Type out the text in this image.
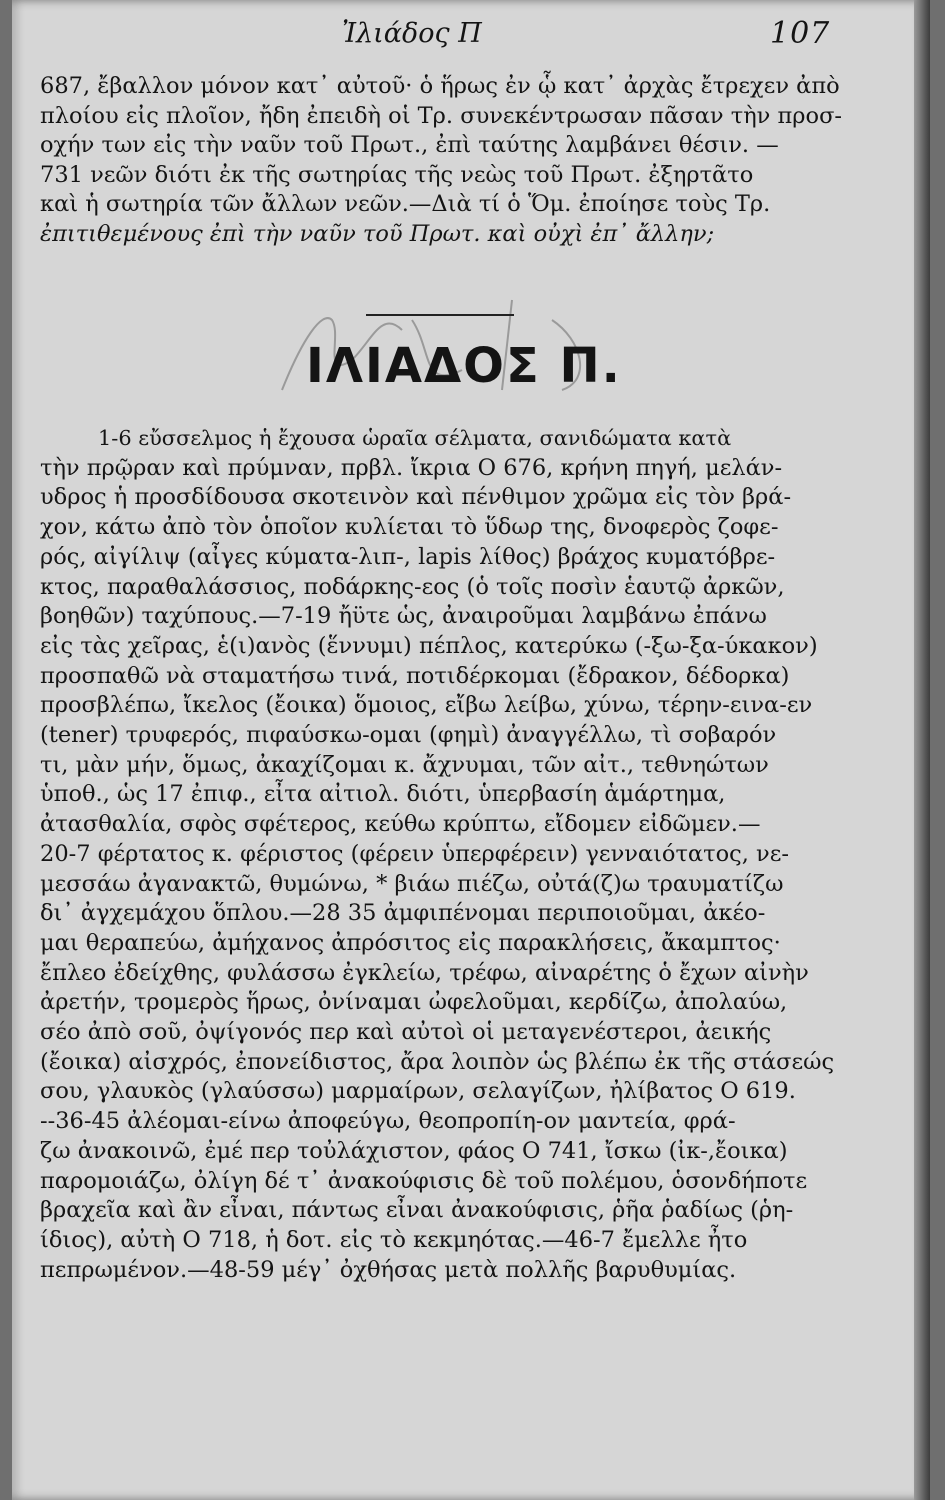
Ἰλιάδος Π	107

687, ἔβαλλον μόνον κατ᾽ αὐτοῦ· ὁ ἥρως ἐν ᾧ κατ᾽ ἀρχὰς ἔτρεχεν ἀπὸ

πλοίου εἰς πλοῖον, ἤδη ἐπειδὴ οἱ Τρ. συνεκέντρωσαν πᾶσαν τὴν προσ-

οχήν των εἰς τὴν ναῦν τοῦ Πρωτ., ἐπὶ ταύτης λαμβάνει θέσιν. —

731 νεῶν διότι ἐκ τῆς σωτηρίας τῆς νεὼς τοῦ Πρωτ. ἐξηρτᾶτο

καὶ ἡ σωτηρία τῶν ἄλλων νεῶν.—Διὰ τί ὁ Ὅμ. ἐποίησε τοὺς Τρ.

ἐπιτιθεμένους ἐπὶ τὴν ναῦν τοῦ Πρωτ. καὶ οὐχὶ ἐπ᾽ ἄλλην;

ΙΛΙΑΔΟΣ Π.

1-6 εὔσσελμος ἡ ἔχουσα ὡραῖα σέλματα, σανιδώματα κατὰ

τὴν πρῷραν καὶ πρύμναν, πρβλ. ἴκρια Ο 676, κρήνη πηγή, μελάν-

υδρος ἡ προσδίδουσα σκοτεινὸν καὶ πένθιμον χρῶμα εἰς τὸν βρά-

χον, κάτω ἀπὸ τὸν ὁποῖον κυλίεται τὸ ὕδωρ της, δνοφερὸς ζοφε-

ρός, αἰγίλιψ (αἶγες κύματα-λιπ-, lapis λίθος) βράχος κυματόβρε-

κτος, παραθαλάσσιος, ποδάρκης-εος (ὁ τοῖς ποσὶν ἑαυτῷ ἀρκῶν,

βοηθῶν) ταχύπους.—7-19 ἤϋτε ὡς, ἀναιροῦμαι λαμβάνω ἐπάνω

εἰς τὰς χεῖρας, ἑ(ι)ανὸς (ἕννυμι) πέπλος, κατερύκω (-ξω-ξα-ύκακον)

προσπαθῶ νὰ σταματήσω τινά, ποτιδέρκομαι (ἔδρακον, δέδορκα)

προσβλέπω, ἴκελος (ἔοικα) ὅμοιος, εἴβω λείβω, χύνω, τέρην-εινα-εν

(tener) τρυφερός, πιφαύσκω-ομαι (φημὶ) ἀναγγέλλω, τὶ σοβαρόν

τι, μὰν μήν, ὅμως, ἀκαχίζομαι κ. ἄχνυμαι, τῶν αἰτ., τεθνηώτων

ὑποθ., ὡς 17 ἐπιφ., εἶτα αἰτιολ. διότι, ὑπερβασίη ἁμάρτημα,

ἀτασθαλία, σφὸς σφέτερος, κεύθω κρύπτω, εἴδομεν εἰδῶμεν.—

20-7 φέρτατος κ. φέριστος (φέρειν ὑπερφέρειν) γενναιότατος, νε-

μεσσάω ἀγανακτῶ, θυμώνω, * βιάω πιέζω, οὐτά(ζ)ω τραυματίζω

δι᾽ ἀγχεμάχου ὅπλου.—28 35 ἀμφιπένομαι περιποιοῦμαι, ἀκέο-

μαι θεραπεύω, ἀμήχανος ἀπρόσιτος εἰς παρακλήσεις, ἄκαμπτος·

ἔπλεο ἐδείχθης, φυλάσσω ἐγκλείω, τρέφω, αἰναρέτης ὁ ἔχων αἰνὴν

ἀρετήν, τρομερὸς ἥρως, ὀνίναμαι ὠφελοῦμαι, κερδίζω, ἀπολαύω,

σέο ἀπὸ σοῦ, ὀψίγονός περ καὶ αὐτοὶ οἱ μεταγενέστεροι, ἀεικής

(ἔοικα) αἰσχρός, ἐπονείδιστος, ἄρα λοιπὸν ὡς βλέπω ἐκ τῆς στάσεώς

σου, γλαυκὸς (γλαύσσω) μαρμαίρων, σελαγίζων, ἠλίβατος Ο 619.

--36-45 ἀλέομαι-είνω ἀποφεύγω, θεοπροπίη-ον μαντεία, φρά-

ζω ἀνακοινῶ, ἐμέ περ τοὐλάχιστον, φάος Ο 741, ἴσκω (ἰκ-,ἔοικα)

παρομοιάζω, ὀλίγη δέ τ᾽ ἀνακούφισις δὲ τοῦ πολέμου, ὁσονδήποτε

βραχεῖα καὶ ἂν εἶναι, πάντως εἶναι ἀνακούφισις, ῥῆα ῥαδίως (ῥη-

ίδιος), αὐτὴ Ο 718, ἡ δοτ. εἰς τὸ κεκμηότας.—46-7 ἔμελλε ἦτο

πεπρωμένον.—48-59 μέγ᾽ ὀχθήσας μετὰ πολλῆς βαρυθυμίας.
